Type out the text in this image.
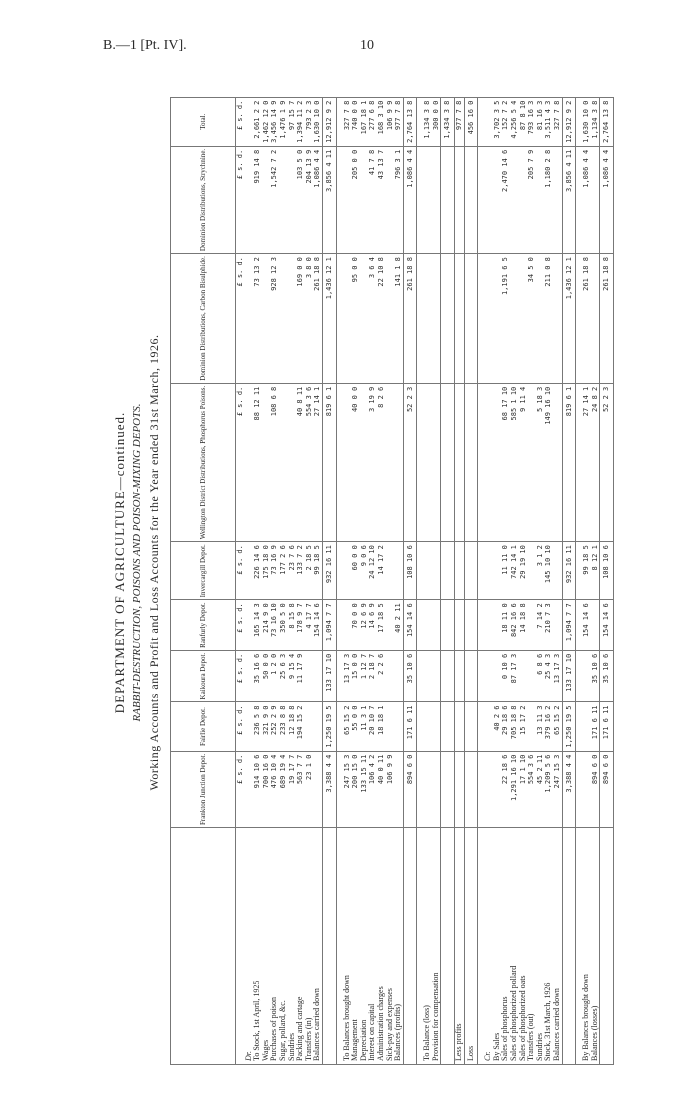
B.—1 [Pt. IV].	10
DEPARTMENT OF AGRICULTURE—continued. RABBIT-DESTRUCTION, POISONS AND POISON-MIXING DEPOTS. Working Accounts and Profit and Loss Accounts for the Year ended 31st March, 1926.
		Frankton Junction Depot.	Fairlie Depot.	Kaikoura Depot.	Ranfurly Depot.	Invercargill Depot.	Wellington District Distributions, Phosphorus Poisons.	Dominion Distributions, Carbon Bisulphide.	Dominion Distributions, Strychnine.	Total.
	£ s. d.	£ s. d.	£ s. d.	£ s. d.	£ s. d.	£ s. d.	£ s. d.	£ s. d.	£ s. d.
Dr.									
To Stock, 1st April, 1925	914 10 6	236 5 8	35 16 6	165 14 3	226 14 6	88 12 11	73 13 2	919 14 8	2,661 2 2
Wages	700 16 0	321 9 0	50 0 0	214 9 0	175 18 0				1,462 12 0
Purchases of poison	476 10 4	252 2 9	1 2 0	73 16 10	73 16 9	108 6 8	928 12 3	1,542 7 2	3,456 14 9
Sugar, pollard, &c.	689 19 4	233 8 8	25 6 3	350 5 0	177 2 6				1,476 1 9
Sundries	19 17 7	12 18 8	9 15 4	8 15 8	23 7 6				97 15 7
Packing and cartage	563 7 7	194 15 2	11 17 9	178 9 7	133 7 2	40 8 11	169 0 0	103 5 0	1,394 11 2
Transfers (in)	23 1 0			4 17 7	2 18 5	554 3 6	3 8 0	204 13 9	793 2 3
Balances carried down				154 14 6	99 18 5	27 14 1	261 18 8	1,086 4 4	1,630 10 0
	3,388 4 4	1,250 19 5	133 17 10	1,094 7 7	932 16 11	819 6 1	1,436 12 1	3,856 4 11	12,912 9 2

To Balances brought down	247 15 3	65 15 2	13 17 3						327 7 8
Management	200 15 0	55 0 0	15 0 0	70 0 0	60 0 0	40 0 0	95 0 0	205 0 0	740 0 0
Depreciation	133 15 11	11 3 1	1 12 7	12 6 9	9 0 6				167 18 1
Interest on capital	106 4 2	20 10 7	2 18 7	14 6 9	24 12 10	3 19 9	3 6 4	41 7 8	277 6 8
Administration charges	40 0 11	18 18 1	2 2 6	17 18 5	14 17 2	8 2 6	22 10 8	43 13 7	168 3 10
Sick-pay and expenses	106 9 9								106 9 9
Balances (profits)				40 2 11			141 1 8	796 3 1	977 7 8
	894 6 0	171 6 11	35 10 6	154 14 6	108 10 6	52 2 3	261 18 8	1,086 4 4	2,764 13 8

To Balance (loss)									1,134 3 8
Provision for compensation									300 0 0
									1,434 3 8
Less profits									977 7 8
Loss									456 16 0

Cr.									
By Sales		40 2 6							3,702 3 5
Sales of phosphorus	22 18 6	29 18 6	0 10 6	18 11 0	11 11 0	68 17 10	1,191 6 5	2,470 14 6	152 7 2
Sales of phosphorized pollard	1,291 16 10	705 18 8	87 17 3	842 16 6	742 14 1	585 1 10			4,256 5 4
Sales of phosphorized oats	17 1 10	15 17 2		14 18 8	29 19 10	9 11 4			87 8 10
Transfers (out)	554 3 6						34 5 0	205 7 9	793 16 3
Sundries	45 2 11	13 11 3	6 8 6	7 14 2	3 1 2	5 18 3			81 16 3
Stock, 31st March, 1926	1,209 5 6	379 16 2	25 4 3	210 7 3	145 10 10	149 16 10	211 0 8	1,180 2 8	3,511 4 3
Balances carried down	247 15 3	65 15 2	13 17 3						327 7 8
	3,388 4 4	1,250 19 5	133 17 10	1,094 7 7	932 16 11	819 6 1	1,436 12 1	3,856 4 11	12,912 9 2

By Balances brought down				154 14 6	99 18 5	27 14 1	261 18 8	1,086 4 4	1,630 10 0
Balances (losses)	894 6 0	171 6 11	35 10 6		8 12 1	24 8 2			1,134 3 8
	894 6 0	171 6 11	35 10 6	154 14 6	108 10 6	52 2 3	261 18 8	1,086 4 4	2,764 13 8
